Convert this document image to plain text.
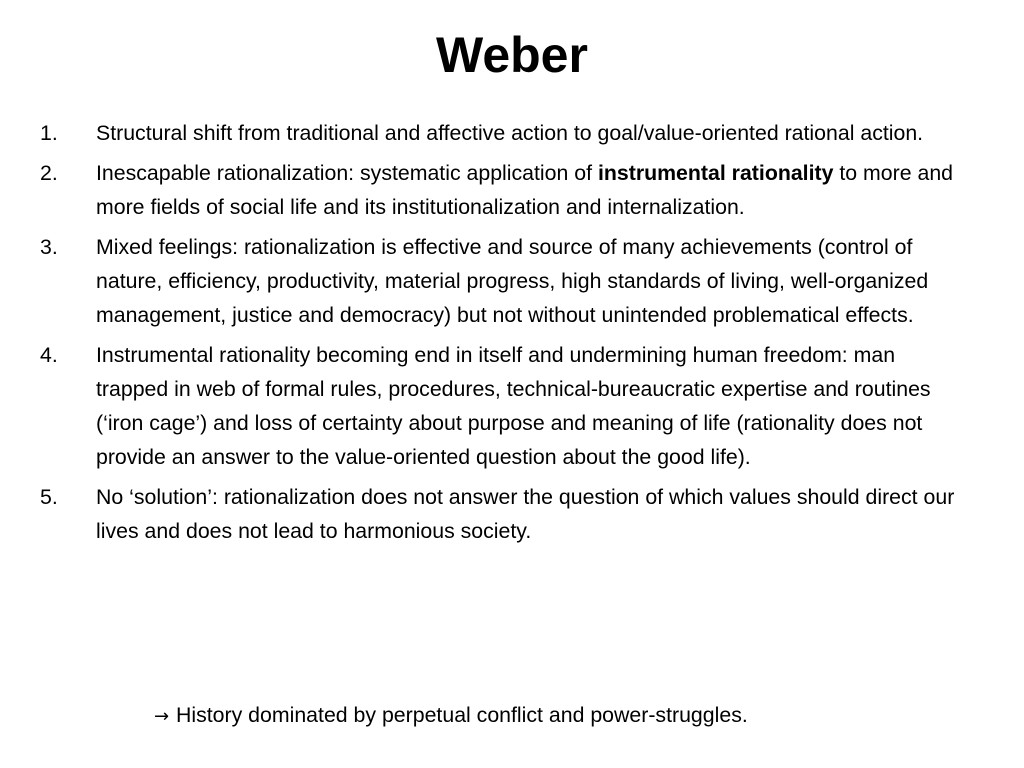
Weber
1.	Structural shift from traditional and affective action to goal/value-oriented rational action.
2.	Inescapable rationalization: systematic application of instrumental rationality to more and more fields of social life and its institutionalization and internalization.
3.	Mixed feelings: rationalization is effective and source of many achievements (control of nature, efficiency, productivity, material progress, high standards of living, well-organized management, justice and democracy) but not without unintended problematical effects.
4.	Instrumental rationality becoming end in itself and undermining human freedom: man trapped in web of formal rules, procedures, technical-bureaucratic expertise and routines (‘iron cage’) and loss of certainty about purpose and meaning of life (rationality does not provide an answer to the value-oriented question about the good life).
5.	No ‘solution’: rationalization does not answer the question of which values should direct our lives and does not lead to harmonious society.
→ History dominated by perpetual conflict and power-struggles.
